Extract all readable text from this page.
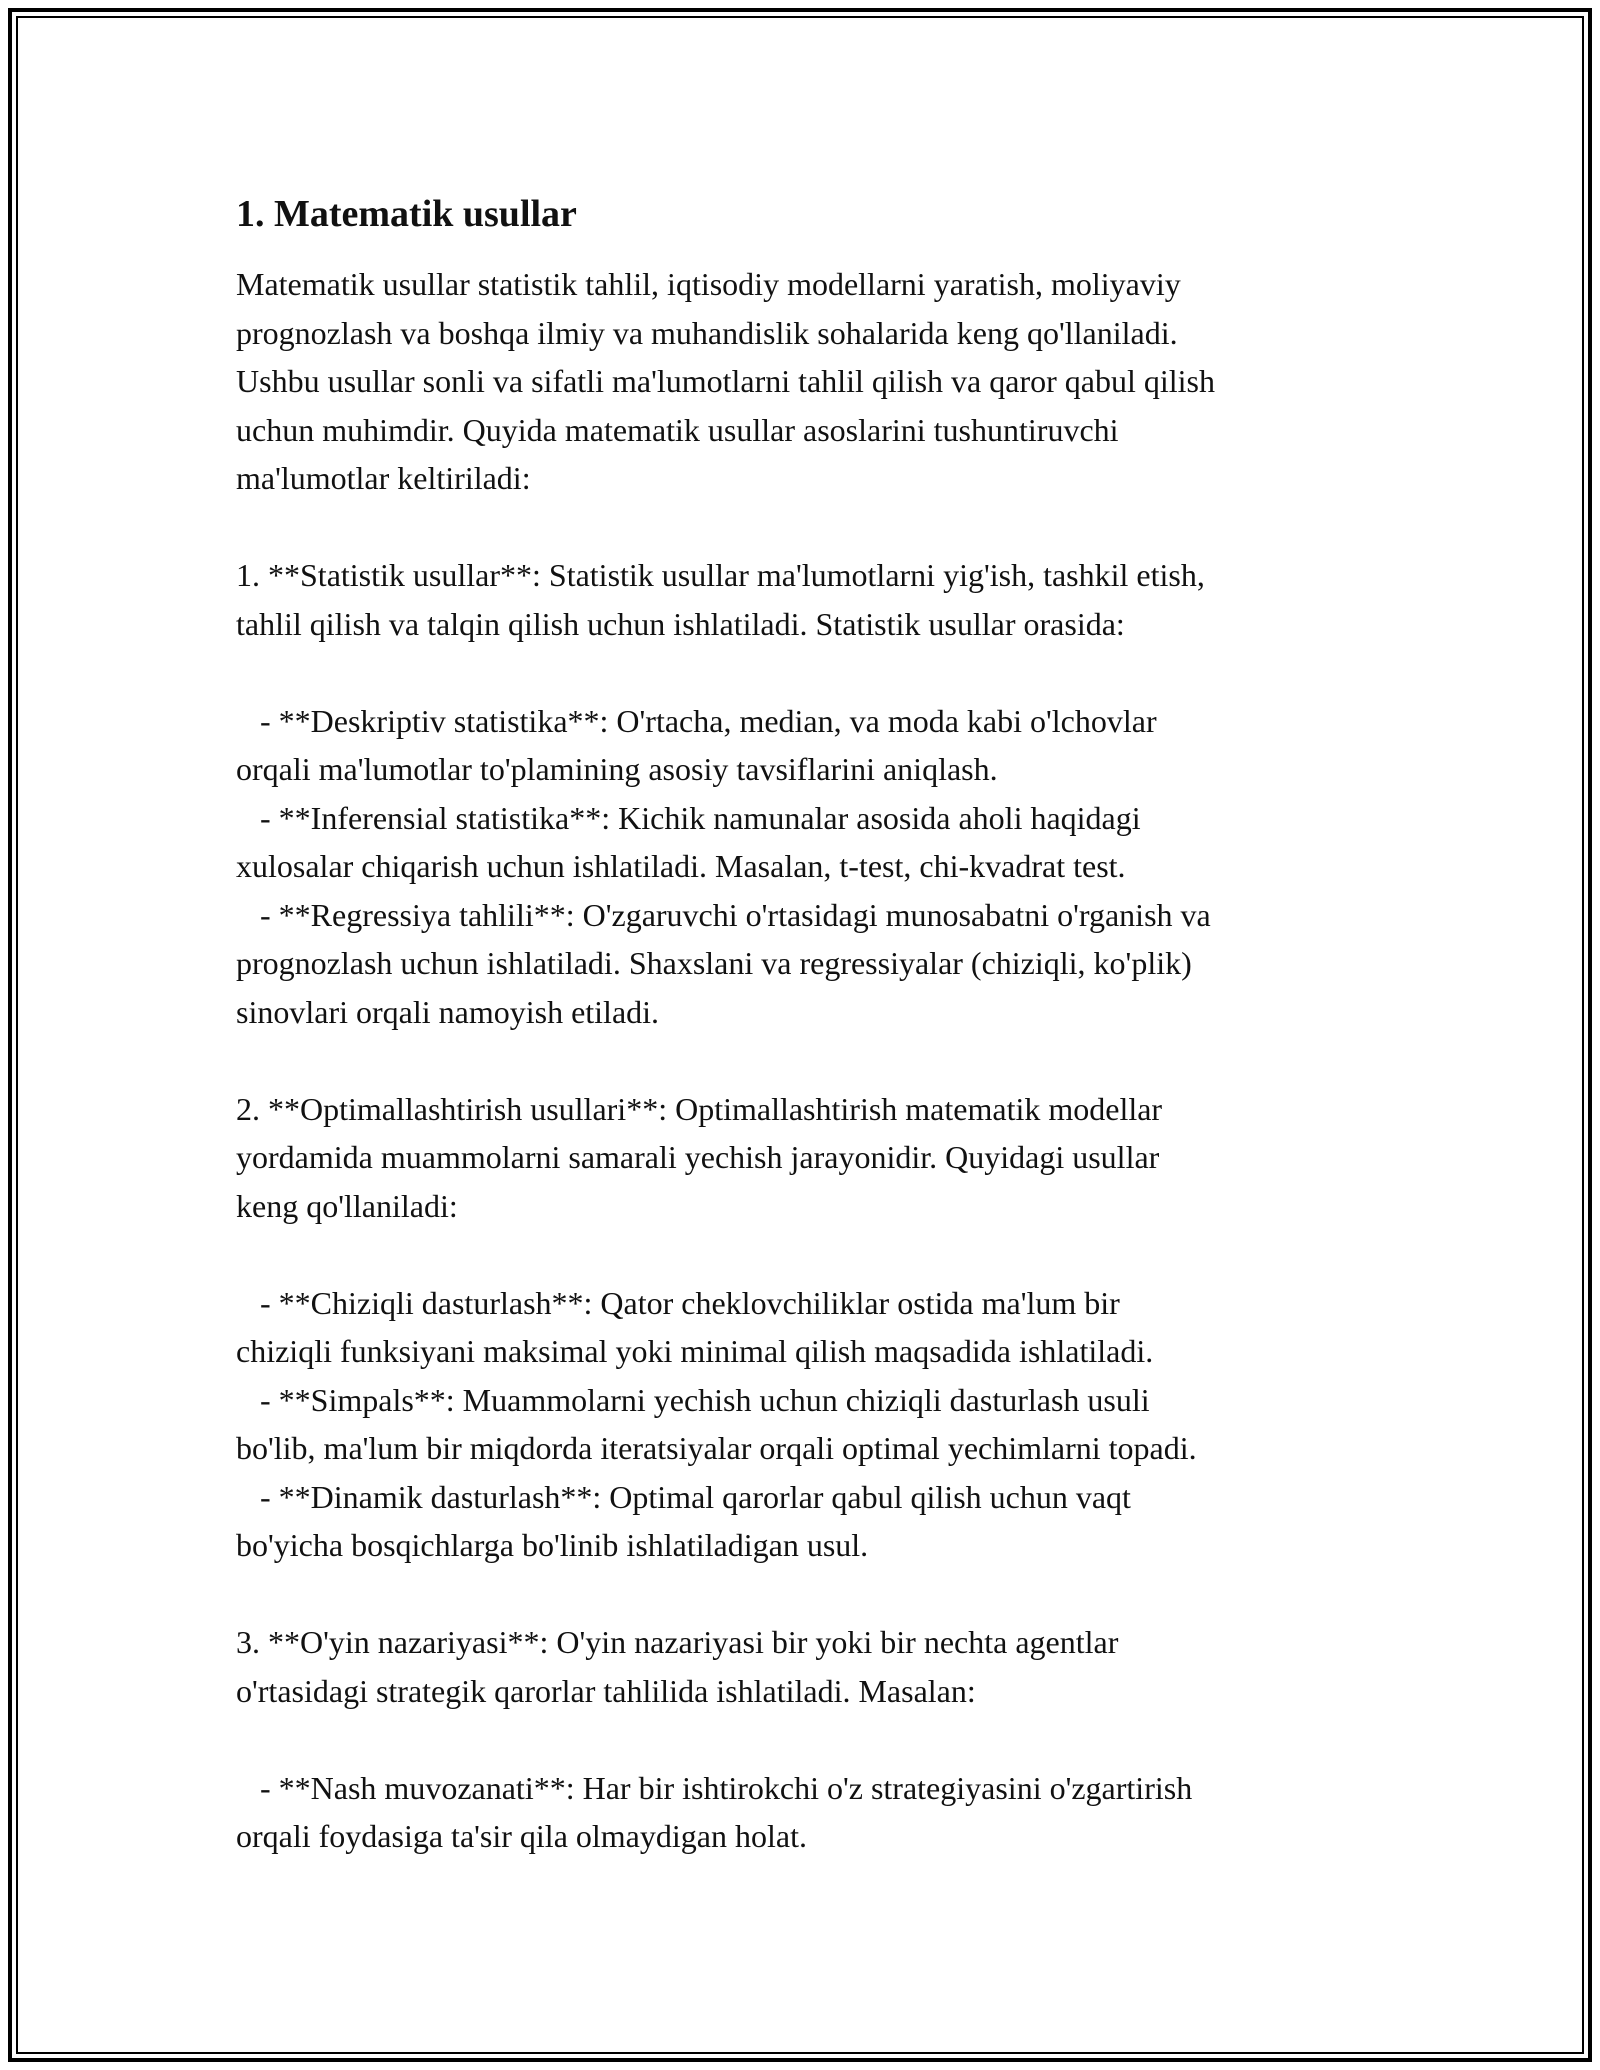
1. Matematik usullar

Matematik usullar statistik tahlil, iqtisodiy modellarni yaratish, moliyaviy
prognozlash va boshqa ilmiy va muhandislik sohalarida keng qo'llaniladi.
Ushbu usullar sonli va sifatli ma'lumotlarni tahlil qilish va qaror qabul qilish
uchun muhimdir. Quyida matematik usullar asoslarini tushuntiruvchi
ma'lumotlar keltiriladi:

1. **Statistik usullar**: Statistik usullar ma'lumotlarni yig'ish, tashkil etish,
tahlil qilish va talqin qilish uchun ishlatiladi. Statistik usullar orasida:

- **Deskriptiv statistika**: O'rtacha, median, va moda kabi o'lchovlar
orqali ma'lumotlar to'plamining asosiy tavsiflarini aniqlash.
- **Inferensial statistika**: Kichik namunalar asosida aholi haqidagi
xulosalar chiqarish uchun ishlatiladi. Masalan, t-test, chi-kvadrat test.
- **Regressiya tahlili**: O'zgaruvchi o'rtasidagi munosabatni o'rganish va
prognozlash uchun ishlatiladi. Shaxslani va regressiyalar (chiziqli, ko'plik)
sinovlari orqali namoyish etiladi.

2. **Optimallashtirish usullari**: Optimallashtirish matematik modellar
yordamida muammolarni samarali yechish jarayonidir. Quyidagi usullar
keng qo'llaniladi:

- **Chiziqli dasturlash**: Qator cheklovchiliklar ostida ma'lum bir
chiziqli funksiyani maksimal yoki minimal qilish maqsadida ishlatiladi.
- **Simpals**: Muammolarni yechish uchun chiziqli dasturlash usuli
bo'lib, ma'lum bir miqdorda iteratsiyalar orqali optimal yechimlarni topadi.
- **Dinamik dasturlash**: Optimal qarorlar qabul qilish uchun vaqt
bo'yicha bosqichlarga bo'linib ishlatiladigan usul.

3. **O'yin nazariyasi**: O'yin nazariyasi bir yoki bir nechta agentlar
o'rtasidagi strategik qarorlar tahlilida ishlatiladi. Masalan:

- **Nash muvozanati**: Har bir ishtirokchi o'z strategiyasini o'zgartirish
orqali foydasiga ta'sir qila olmaydigan holat.
